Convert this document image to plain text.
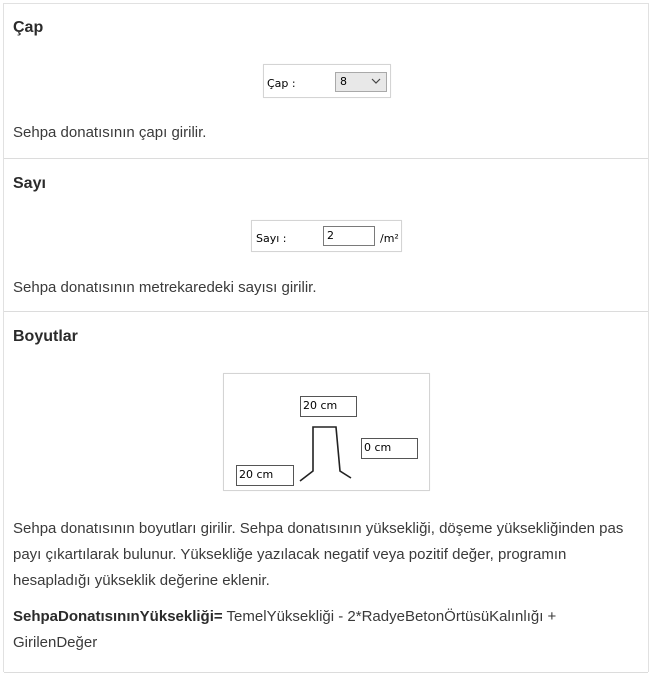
Çap
Çap :	8

Sehpa donatısının çapı girilir.

Sayı
Sayı :	2	/m²

Sehpa donatısının metrekaredeki sayısı girilir.

Boyutlar
20 cm
0 cm
20 cm

Sehpa donatısının boyutları girilir. Sehpa donatısının yüksekliği, döşeme yüksekliğinden pas payı çıkartılarak bulunur. Yüksekliğe yazılacak negatif veya pozitif değer, programın hesapladığı yükseklik değerine eklenir.

SehpaDonatısınınYüksekliği= TemelYüksekliği - 2*RadyeBetonÖrtüsüKalınlığı + GirilenDeğer
